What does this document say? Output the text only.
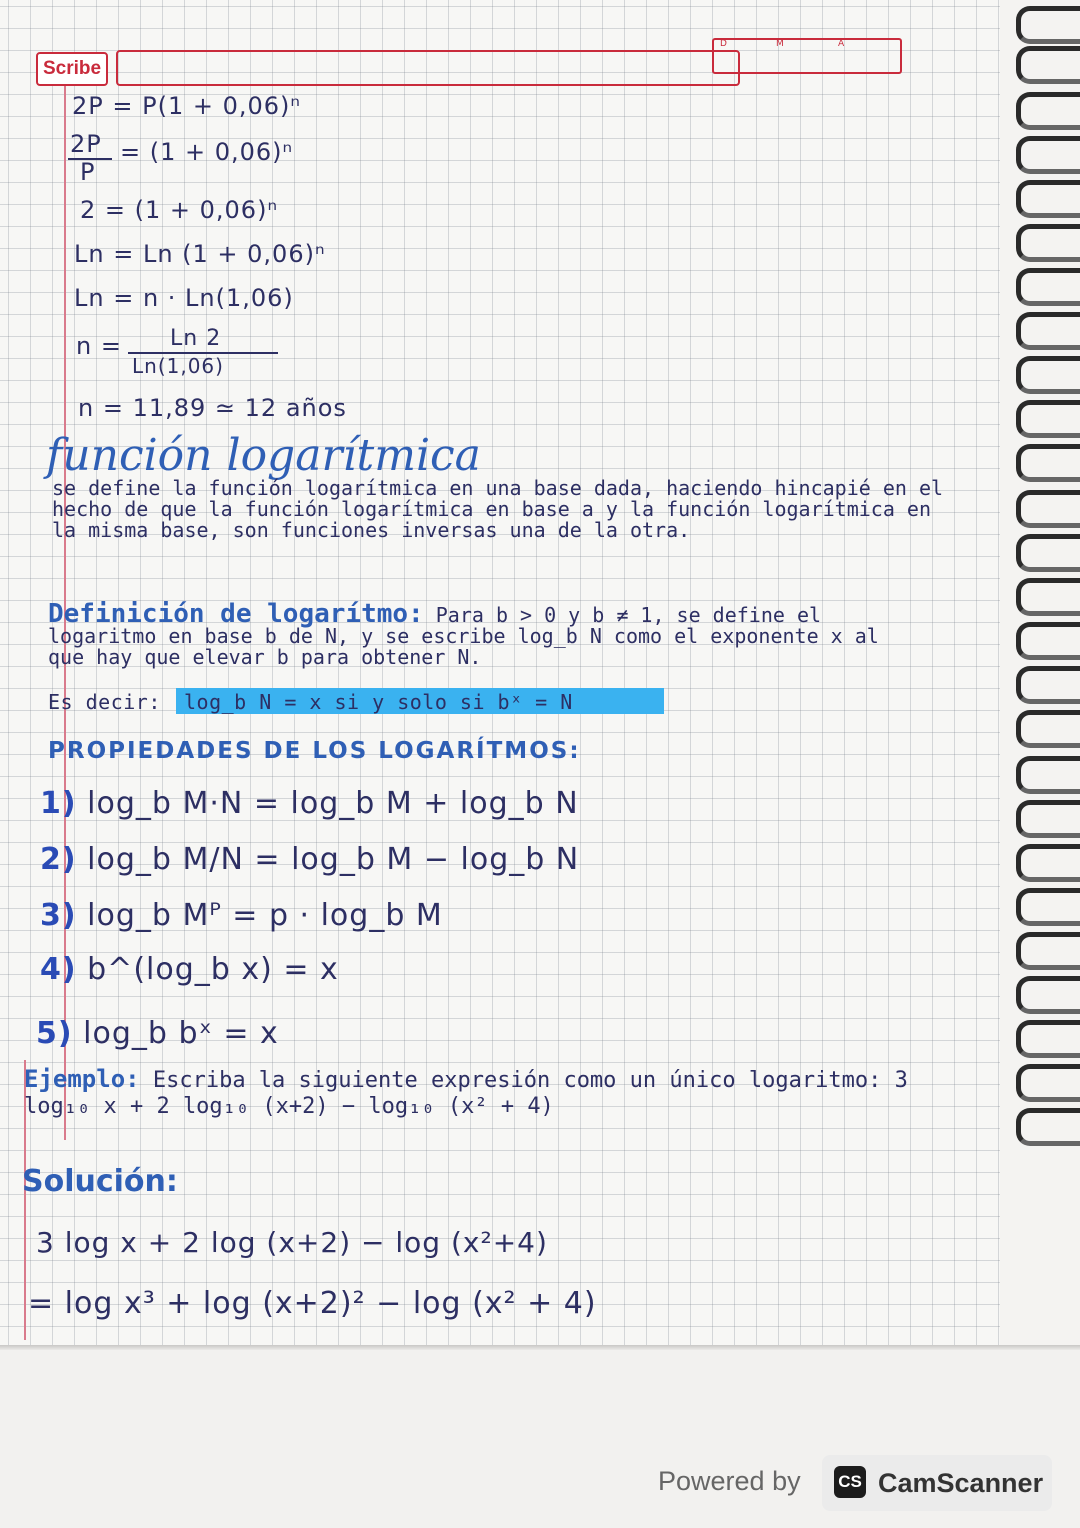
Scribe
D	M	A
2P = P(1 + 0,06)ⁿ
2P
P
= (1 + 0,06)ⁿ
2 = (1 + 0,06)ⁿ
Ln = Ln (1 + 0,06)ⁿ
Ln = n · Ln(1,06)
n = Ln 2
Ln(1,06)
n = 11,89 ≃ 12 años
función logarítmica
se define la función logarítmica en una base dada, haciendo hincapié en el hecho de que la función logarítmica en base a y la función logarítmica en la misma base, son funciones inversas una de la otra.
Definición de logarítmo: Para b > 0 y b ≠ 1, se define el logaritmo en base b de N, y se escribe log_b N como el exponente x al que hay que elevar b para obtener N.
Es decir: log_b N = x si y solo si bˣ = N
PROPIEDADES DE LOS LOGARÍTMOS:
1) log_b M·N = log_b M + log_b N
2) log_b M/N = log_b M − log_b N
3) log_b Mᴾ = p · log_b M
4) b^(log_b x) = x
5) log_b bˣ = x
Ejemplo: Escriba la siguiente expresión como un único logaritmo: 3 log₁₀ x + 2 log₁₀ (x+2) − log₁₀ (x² + 4)
Solución:
3 log x + 2 log (x+2) − log (x²+4)
= log x³ + log (x+2)² − log (x² + 4)
Powered by CS CamScanner
